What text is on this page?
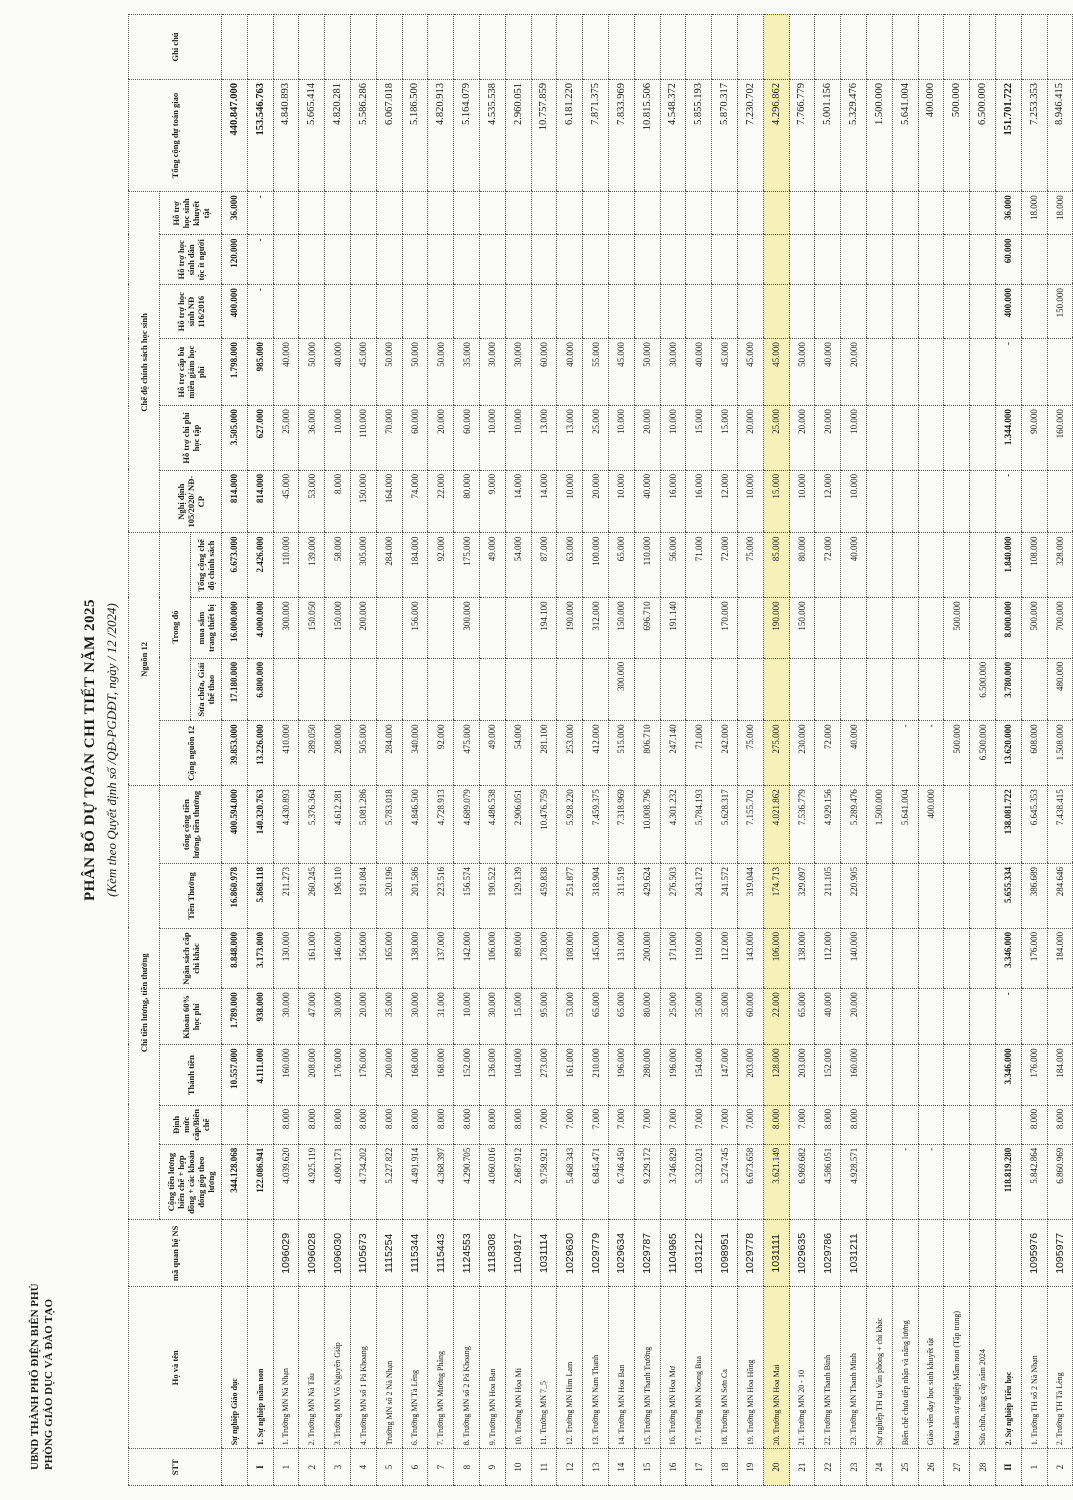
UBND THÀNH PHỐ ĐIỆN BIÊN PHỦ PHÒNG GIÁO DỤC VÀ ĐÀO TẠO
PHÂN BỔ DỰ TOÁN CHI TIẾT NĂM 2025 (Kèm theo Quyết định số /QĐ-PGDĐT, ngày / 12 /2024)
STT	Họ và tên	mã quan hệ NS	Chi tiền lương, tiền thưởng							Nguồn 12				Chế độ chính sách học sinh						Tổng cộng dự toán giao	Ghi chú
			Cộng tiền lương biên chế + hợp đồng + các khoản đóng góp theo lương	Định mức cấp/Biên chế	Thành tiền	Khoản 60% học phí	Ngân sách cấp chi khác	Tiền Thưởng	tổng cộng tiền lương, tiền thưởng	Cộng nguồn 12	Trong đó			Nghị định 105/2020/ NĐ-CP	Hỗ trợ chi phí học tập	Hỗ trợ cấp bù miễn giảm học phí	Hỗ trợ học sinh NĐ 116/2016	Hỗ trợ học sinh dân tộc ít người	Hỗ trợ học sinh khuyết tật		
											Sửa chữa, Giải thể thao	mua sắm trang thiết bị	Tổng cộng chế độ chính sách								
	Sự nghiệp Giáo dục		344.128.068		10.557.000	1.789.000	8.848.000	16.860.978	400.594.000	39.853.000	17.180.000	16.000.000	6.673.000	814.000	3.505.000	1.798.000	400.000	120.000	36.000	440.847.000	
I	1. Sự nghiệp mầm non		122.086.941		4.111.000	938.000	3.173.000	5.868.118	140.320.763	13.226.000	6.800.000	4.000.000	2.426.000	814.000	627.000	985.000	-	-	-	153.546.763	
1	1. Trường MN Nà Nhạn	1096029	4.039.620	8.000	160.000	30.000	130.000	211.273	4.430.893	410.000		300.000	110.000	45.000	25.000	40.000				4.840.893	
2	2. Trường MN Nà Tấu	1096028	4.925.119	8.000	208.000	47.000	161.000	260.245	5.376.364	289.050		150.050	139.000	53.000	36.000	50.000				5.665.414	
3	3. Trường MN Võ Nguyên Giáp	1096030	4.090.171	8.000	176.000	30.000	146.000	196.110	4.612.281	208.000		150.000	58.000	8.000	10.000	40.000				4.820.281	
4	4. Trường MN số 1 Pá Khoang	1105673	4.734.202	8.000	176.000	20.000	156.000	191.084	5.081.286	505.000		200.000	305.000	150.000	110.000	45.000				5.586.286	
5	Trường MN số 2 Nà Nhạn	1115254	5.227.822	8.000	200.000	35.000	165.000	320.196	5.783.018	284.000			284.000	164.000	70.000	50.000				6.067.018	
6	6. Trường MN Tà Lèng	1115344	4.491.914	8.000	168.000	30.000	138.000	201.586	4.846.500	340.000		156.000	184.000	74.000	60.000	50.000				5.186.500	
7	7. Trường MN Mường Phăng	1115443	4.368.397	8.000	168.000	31.000	137.000	223.516	4.728.913	92.000			92.000	22.000	20.000	50.000				4.820.913	
8	8. Trường MN số 2 Pá Khoang	1124553	4.290.705	8.000	152.000	10.000	142.000	156.574	4.689.079	475.000		300.000	175.000	80.000	60.000	35.000				5.164.079	
9	9. Trường MN Hoa Ban	1118308	4.060.016	8.000	136.000	30.000	106.000	190.522	4.486.538	49.000			49.000	9.000	10.000	30.000				4.535.538	
10	10. Trường MN Họa Mi	1104917	2.687.912	8.000	104.000	15.000	89.000	129.139	2.906.051	54.000			54.000	14.000	10.000	30.000				2.960.051	
11	11. Trường MN 7_5	1031114	9.758.921	7.000	273.000	95.000	178.000	459.838	10.476.759	281.100		194.100	87.000	14.000	13.000	60.000				10.757.859	
12	12. Trường MN Him Lam	1029630	5.468.343	7.000	161.000	53.000	108.000	251.877	5.928.220	253.000		190.000	63.000	10.000	13.000	40.000				6.181.220	
13	13. Trường MN Nam Thanh	1029779	6.845.471	7.000	210.000	65.000	145.000	318.904	7.459.375	412.000		312.000	100.000	20.000	25.000	55.000				7.871.375	
14	14. Trường MN Hoa Ban	1029634	6.746.450	7.000	196.000	65.000	131.000	311.519	7.318.969	515.000	300.000	150.000	65.000	10.000	10.000	45.000				7.833.969	
15	15. Trường MN Thanh Trường	1029787	9.229.172	7.000	280.000	80.000	200.000	429.624	10.008.796	806.710		696.710	110.000	40.000	20.000	50.000				10.815.506	
16	16. Trường MN Hoa Mơ	1104965	3.746.829	7.000	196.000	25.000	171.000	276.503	4.301.232	247.140		191.140	56.000	16.000	10.000	30.000				4.548.372	
17	17. Trường MN Noong Bua	1031212	5.322.021	7.000	154.000	35.000	119.000	243.172	5.784.193	71.000			71.000	16.000	15.000	40.000				5.855.193	
18	18. Trường MN Sơn Ca	1098951	5.274.745	7.000	147.000	35.000	112.000	241.572	5.628.317	242.000		170.000	72.000	12.000	15.000	45.000				5.870.317	
19	19. Trường MN Hoa Hồng	1029778	6.673.658	7.000	203.000	60.000	143.000	319.044	7.155.702	75.000			75.000	10.000	20.000	45.000				7.230.702	
20	20. Trường MN Hoa Mai	1031111	3.621.149	8.000	128.000	22.000	106.000	174.713	4.021.862	275.000		190.000	85.000	15.000	25.000	45.000				4.296.862	
21	21. Trường MN 20 - 10	1029635	6.969.682	7.000	203.000	65.000	138.000	329.097	7.536.779	230.000		150.000	80.000	10.000	20.000	50.000				7.766.779	
22	22. Trường MN Thanh Bình	1029786	4.586.051	8.000	152.000	40.000	112.000	211.105	4.929.156	72.000			72.000	12.000	20.000	40.000				5.001.156	
23	23. Trường MN Thanh Minh	1031211	4.928.571	8.000	160.000	20.000	140.000	220.905	5.289.476	40.000			40.000	10.000	10.000	20.000				5.329.476	
24	Sự nghiệp TH tại Văn phòng + chi khác								1.500.000											1.500.000	
25	Biên chế chưa tiếp nhận và nâng lương		-						5.641.004	-										5.641.004	
26	Giáo viên dạy học sinh khuyết tật		-						400.000	-										400.000	
27	Mua sắm sự nghiệp Mầm non (Tập trung)									500.000		500.000								500.000	
28	Sửa chữa, nâng cấp năm 2024									6.500.000	6.500.000									6.500.000	
II	2. Sự nghiệp Tiểu học		118.819.280		3.346.000	-	3.346.000	5.655.334	138.081.722	13.620.000	3.780.000	8.000.000	1.840.000	-	1.344.000	-	400.000	60.000	36.000	151.701.722	
1	1. Trường TH số 2 Nà Nhạn	1095976	5.842.864	8.000	176.000		176.000	386.689	6.645.353	608.000		500.000	108.000		90.000				18.000	7.253.353	
2	2. Trường TH Tà Lèng	1095977	6.860.969	8.000	184.000		184.000	284.646	7.438.415	1.508.000	480.000	700.000	328.000		160.000		150.000		18.000	8.946.415	
